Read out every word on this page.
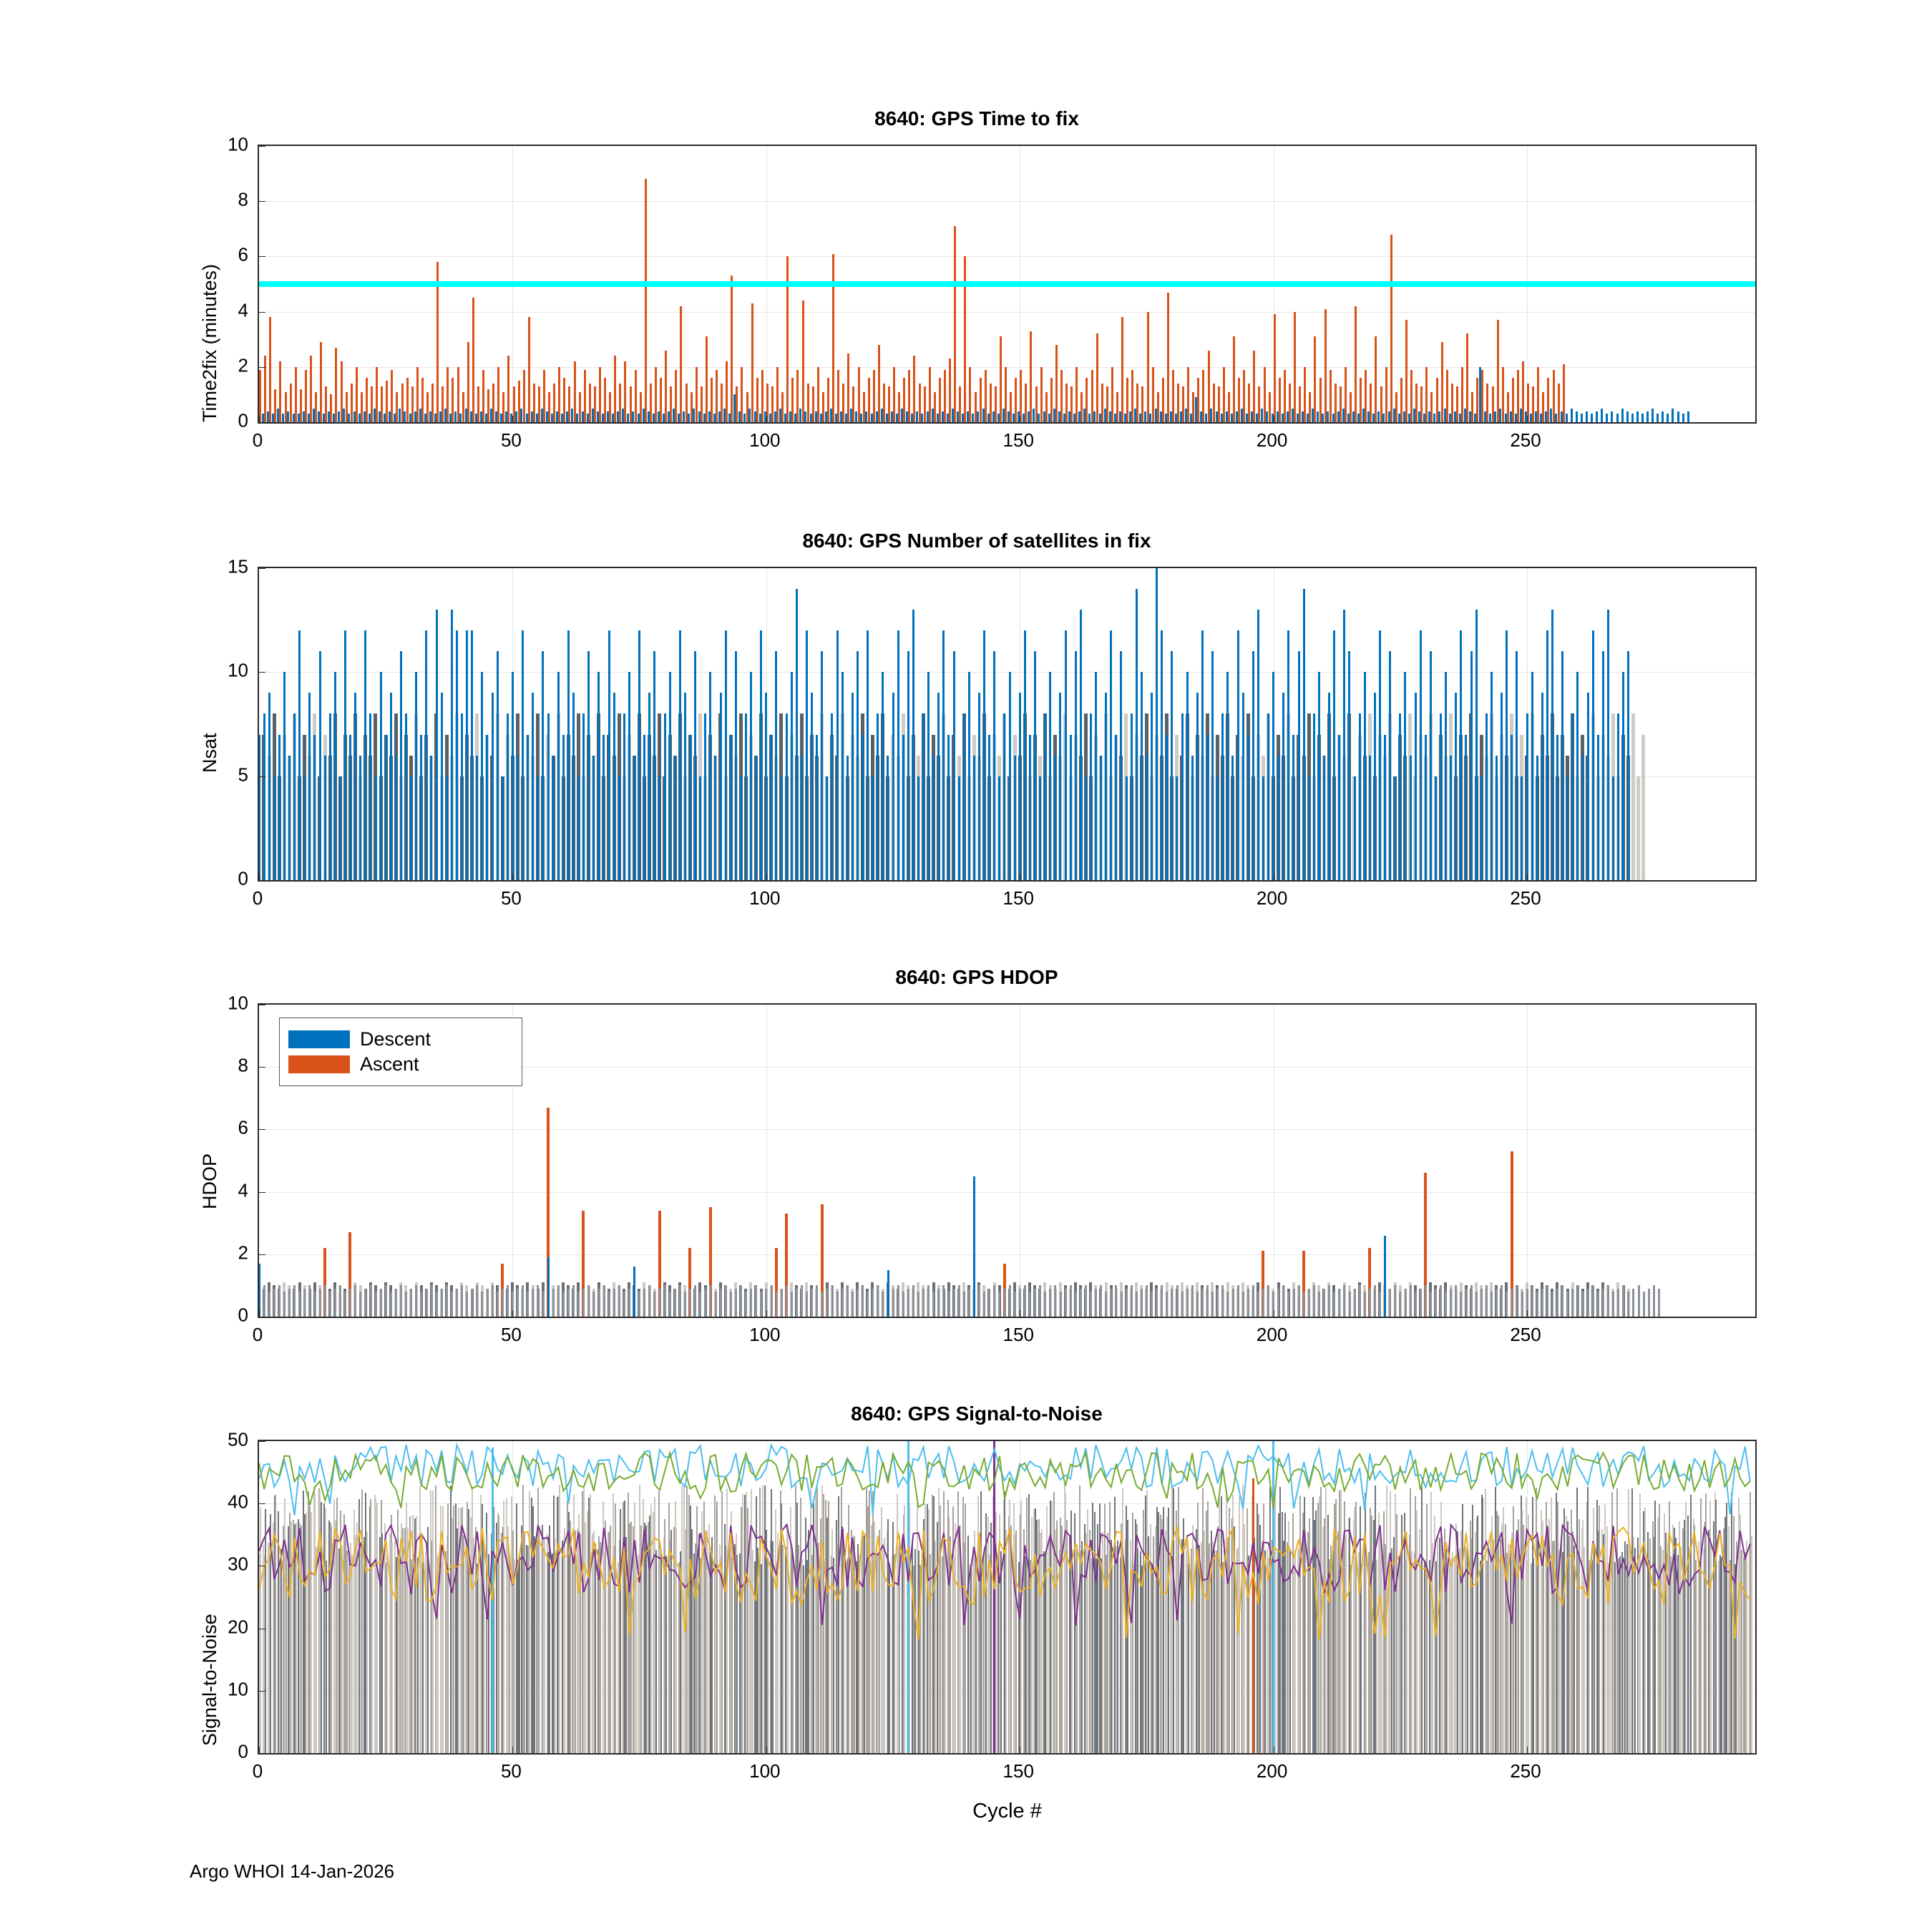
8640: GPS Time to fix
Time2fix (minutes) 0
2
4
6
8
10
0	50	100	150	200	250
8640: GPS Number of satellites in fix
Nsat
0
5
10
15
0	50	100	150	200	250
8640: GPS HDOP
HDOP
Descent
Ascent
0
2
4
6
8
10
0	50	100	150	200	250
8640: GPS Signal-to-Noise
Signal-to-Noise
Cycle #
0
10
20
30
40
50
0	50	100	150	200	250
Argo WHOI 14-Jan-2026
